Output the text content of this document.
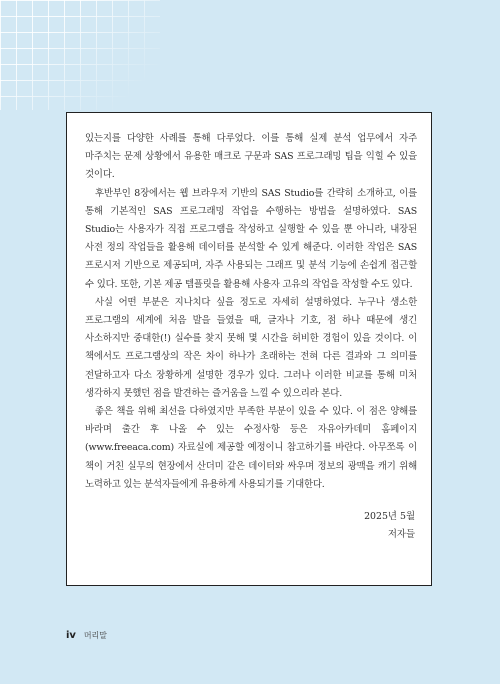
있는지를 다양한 사례를 통해 다루었다. 이를 통해 실제 분석 업무에서 자주 마주치는 문제 상황에서 유용한 매크로 구문과 SAS 프로그래밍 팁을 익힐 수 있을 것이다.

후반부인 8장에서는 웹 브라우저 기반의 SAS Studio를 간략히 소개하고, 이를 통해 기본적인 SAS 프로그래밍 작업을 수행하는 방법을 설명하였다. SAS Studio는 사용자가 직접 프로그램을 작성하고 실행할 수 있을 뿐 아니라, 내장된 사전 정의 작업들을 활용해 데이터를 분석할 수 있게 해준다. 이러한 작업은 SAS 프로시저 기반으로 제공되며, 자주 사용되는 그래프 및 분석 기능에 손쉽게 접근할 수 있다. 또한, 기본 제공 템플릿을 활용해 사용자 고유의 작업을 작성할 수도 있다.

사실 어떤 부분은 지나치다 싶을 정도로 자세히 설명하였다. 누구나 생소한 프로그램의 세계에 처음 발을 들였을 때, 글자나 기호, 점 하나 때문에 생긴 사소하지만 중대한(!) 실수를 찾지 못해 몇 시간을 허비한 경험이 있을 것이다. 이 책에서도 프로그램상의 작은 차이 하나가 초래하는 전혀 다른 결과와 그 의미를 전달하고자 다소 장황하게 설명한 경우가 있다. 그러나 이러한 비교를 통해 미처 생각하지 못했던 점을 발견하는 즐거움을 느낄 수 있으리라 본다.

좋은 책을 위해 최선을 다하였지만 부족한 부분이 있을 수 있다. 이 점은 양해를 바라며 출간 후 나올 수 있는 수정사항 등은 자유아카데미 홈페이지 (www.freeaca.com) 자료실에 제공할 예정이니 참고하기를 바란다. 아무쪼록 이 책이 거친 실무의 현장에서 산더미 같은 데이터와 싸우며 정보의 광맥을 캐기 위해 노력하고 있는 분석자들에게 유용하게 사용되기를 기대한다.

2025년 5월

저자들

iv 머리말
